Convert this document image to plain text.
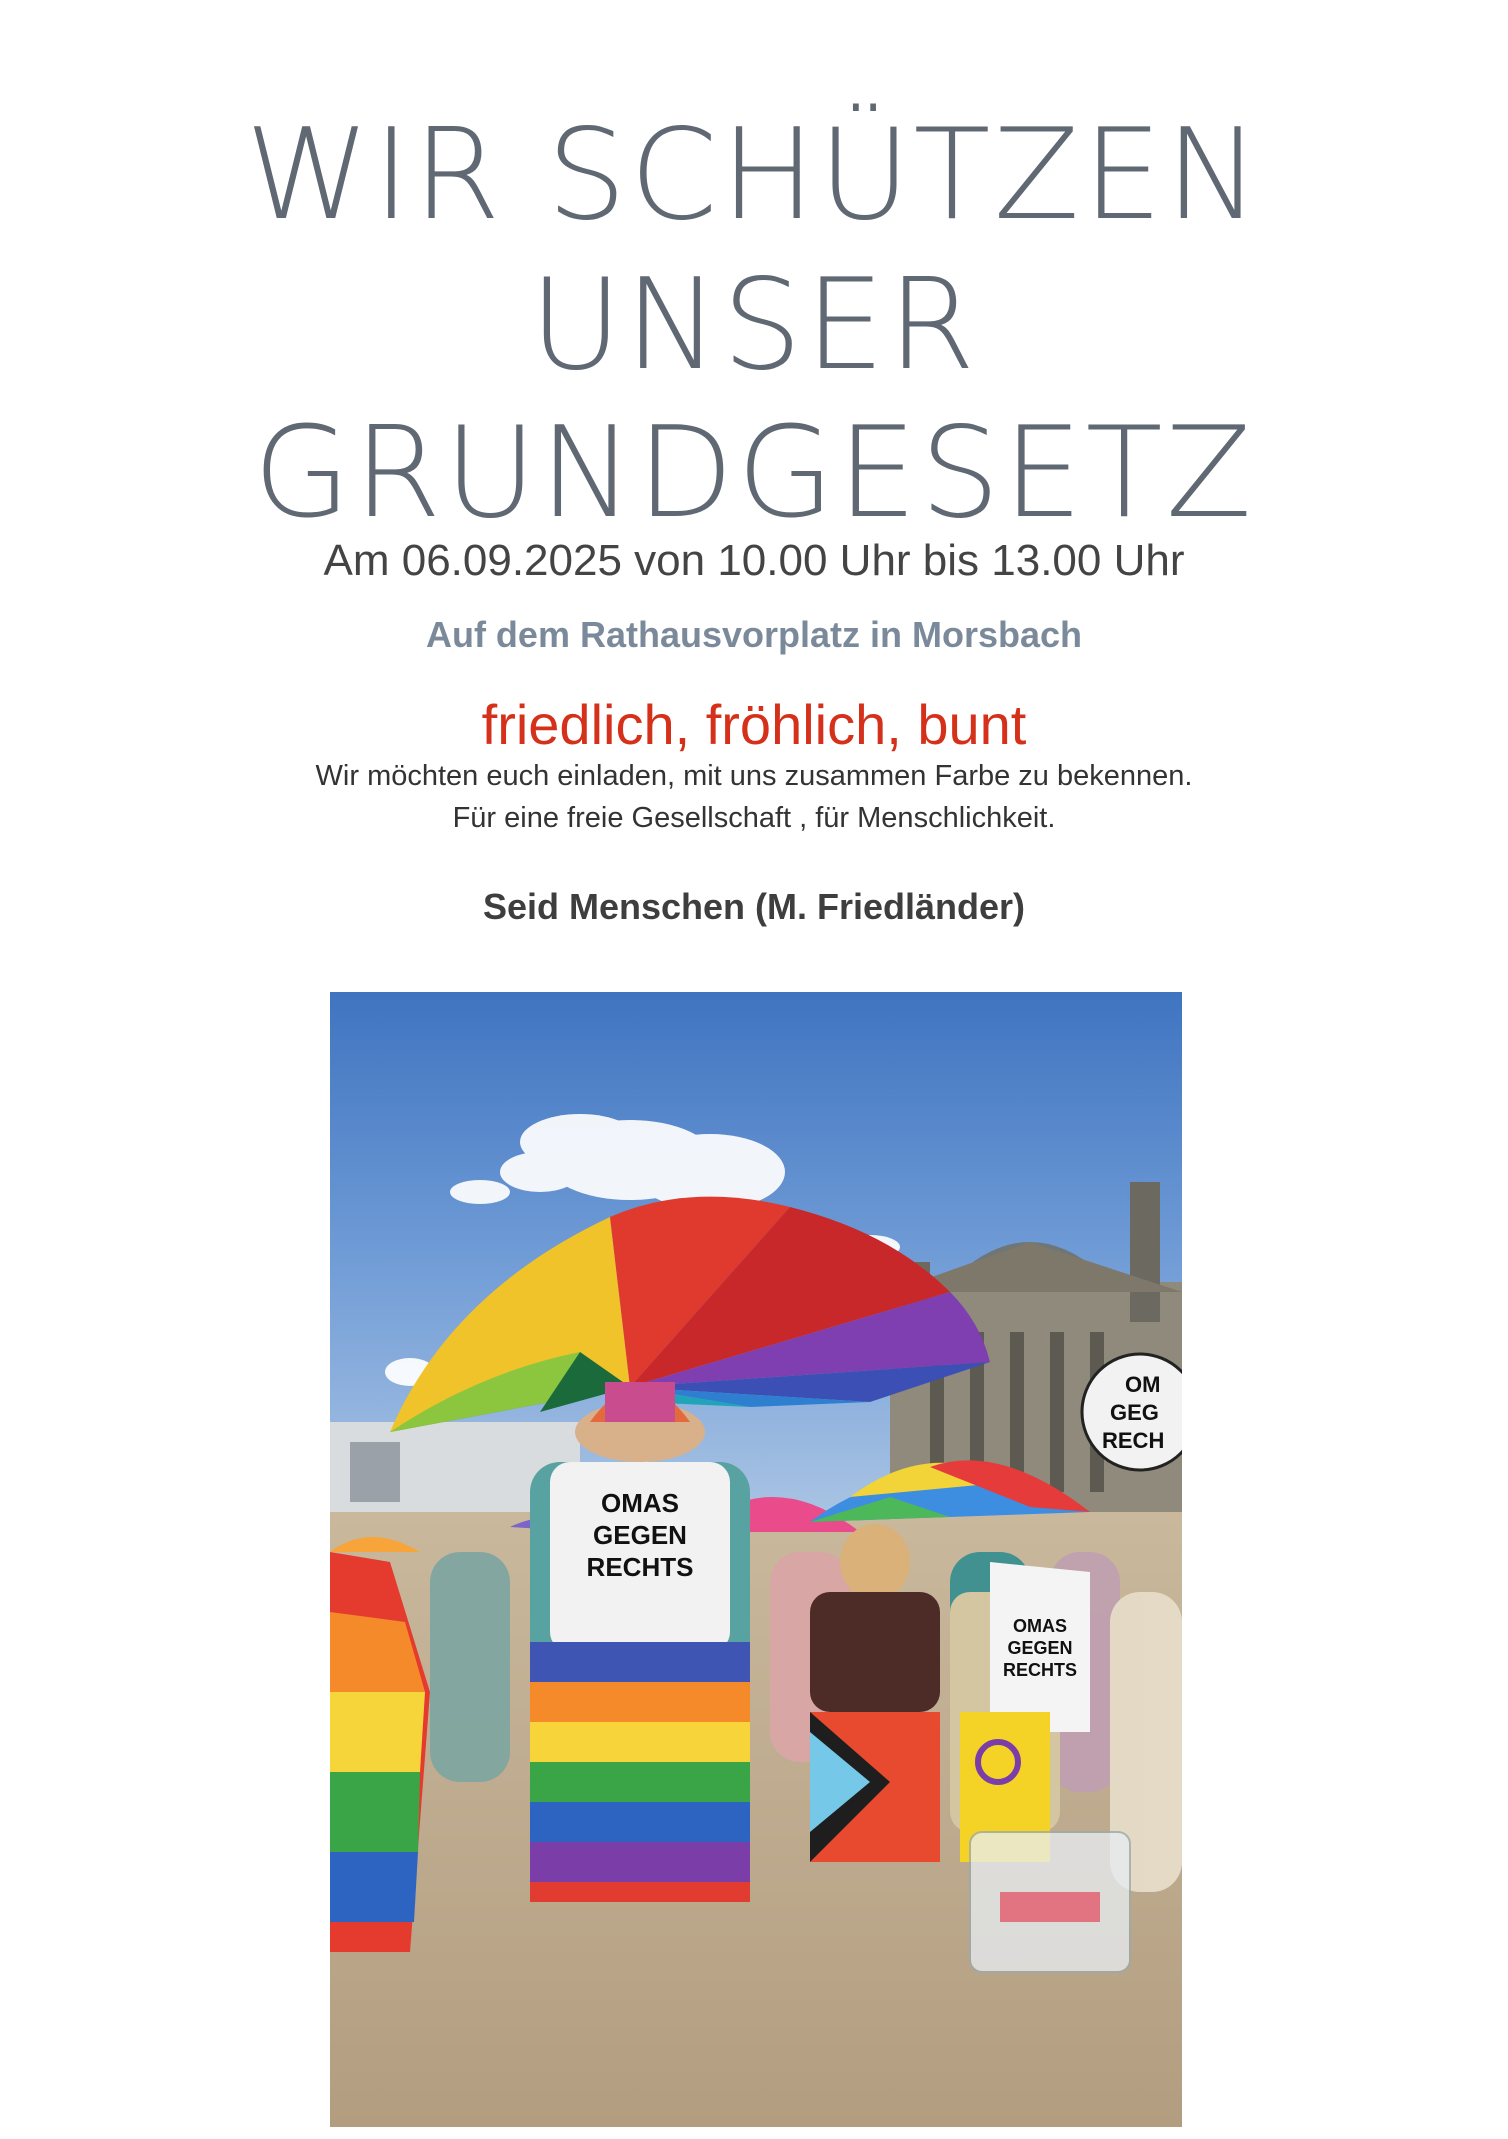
WIR SCHÜTZEN
UNSER
GRUNDGESETZ
Am 06.09.2025 von 10.00 Uhr bis 13.00 Uhr
Auf dem Rathausvorplatz in Morsbach
friedlich, fröhlich, bunt
Wir möchten euch einladen, mit uns zusammen Farbe zu bekennen.
Für eine freie Gesellschaft , für Menschlichkeit.
Seid Menschen (M. Friedländer)
OMAS
GEGEN
RECHTS
OMAS
GEGEN
RECHTS
OM
GEG
RECH
